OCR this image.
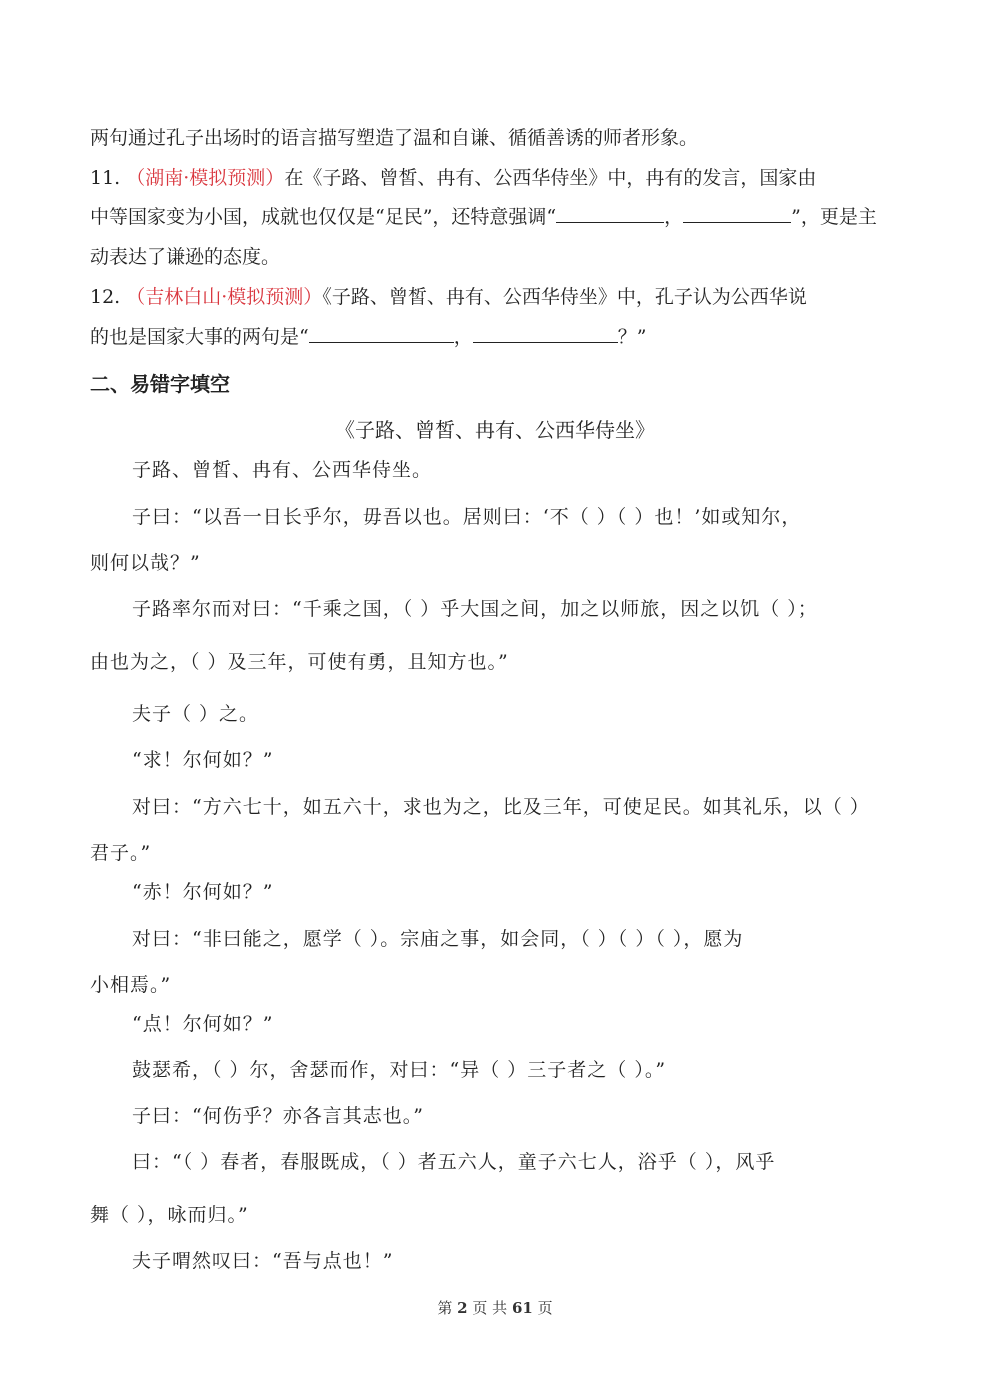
两句通过孔子出场时的语言描写塑造了温和自谦、循循善诱的师者形象。
11. （湖南·模拟预测）在《子路、曾皙、冉有、公西华侍坐》中，冉有的发言，国家由
中等国家变为小国，成就也仅仅是“足民”，还特意强调“	，	”，更是主
动表达了谦逊的态度。
12. （吉林白山·模拟预测）《子路、曾皙、冉有、公西华侍坐》中，孔子认为公西华说
的也是国家大事的两句是“	，	？”
二、易错字填空
《子路、曾皙、冉有、公西华侍坐》
子路、曾皙、冉有、公西华侍坐。
子曰：“以吾一日长乎尔，毋吾以也。居则曰：‘不（ ）（ ）也！’如或知尔，
则何以哉？”
子路率尔而对曰：“千乘之国，（ ）乎大国之间，加之以师旅，因之以饥（ ）；
由也为之，（ ）及三年，可使有勇，且知方也。”
夫子（ ）之。
“求！尔何如？”
对曰：“方六七十，如五六十，求也为之，比及三年，可使足民。如其礼乐，以（ ）
君子。”
“赤！尔何如？”
对曰：“非曰能之，愿学（ ）。宗庙之事，如会同，（ ）（ ）（ ），愿为
小相焉。”
“点！尔何如？”
鼓瑟希，（ ）尔，舍瑟而作，对曰：“异（ ）三子者之（ ）。”
子曰：“何伤乎？亦各言其志也。”
曰：“（ ）春者，春服既成，（ ）者五六人，童子六七人，浴乎（ ），风乎
舞（ ），咏而归。”
夫子喟然叹曰：“吾与点也！”
第 2 页 共 61 页
